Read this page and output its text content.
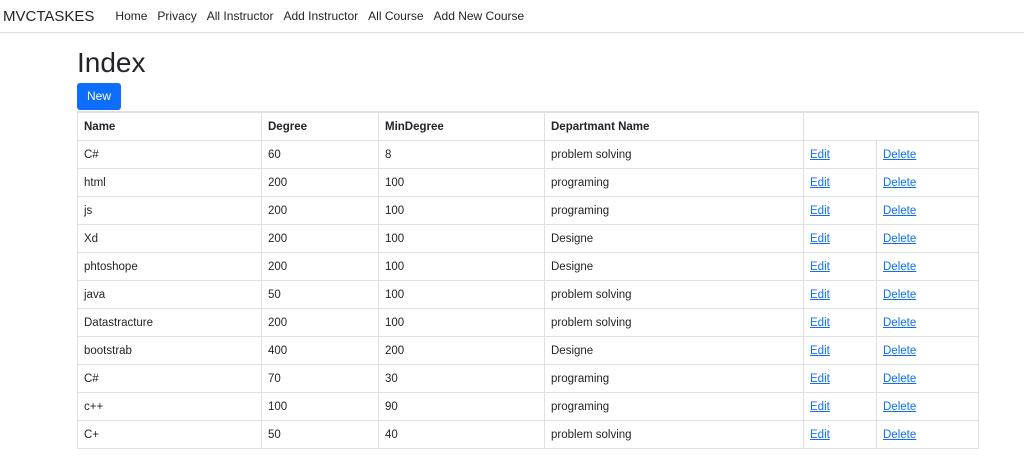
MVCTASKES	Home Privacy All Instructor Add Instructor All Course Add New Course
Index
New
Name	Degree	MinDegree	Departmant Name		
C#	60	8	problem solving	Edit	Delete
html	200	100	programing	Edit	Delete
js	200	100	programing	Edit	Delete
Xd	200	100	Designe	Edit	Delete
phtoshope	200	100	Designe	Edit	Delete
java	50	100	problem solving	Edit	Delete
Datastracture	200	100	problem solving	Edit	Delete
bootstrab	400	200	Designe	Edit	Delete
C#	70	30	programing	Edit	Delete
c++	100	90	programing	Edit	Delete
C+	50	40	problem solving	Edit	Delete
